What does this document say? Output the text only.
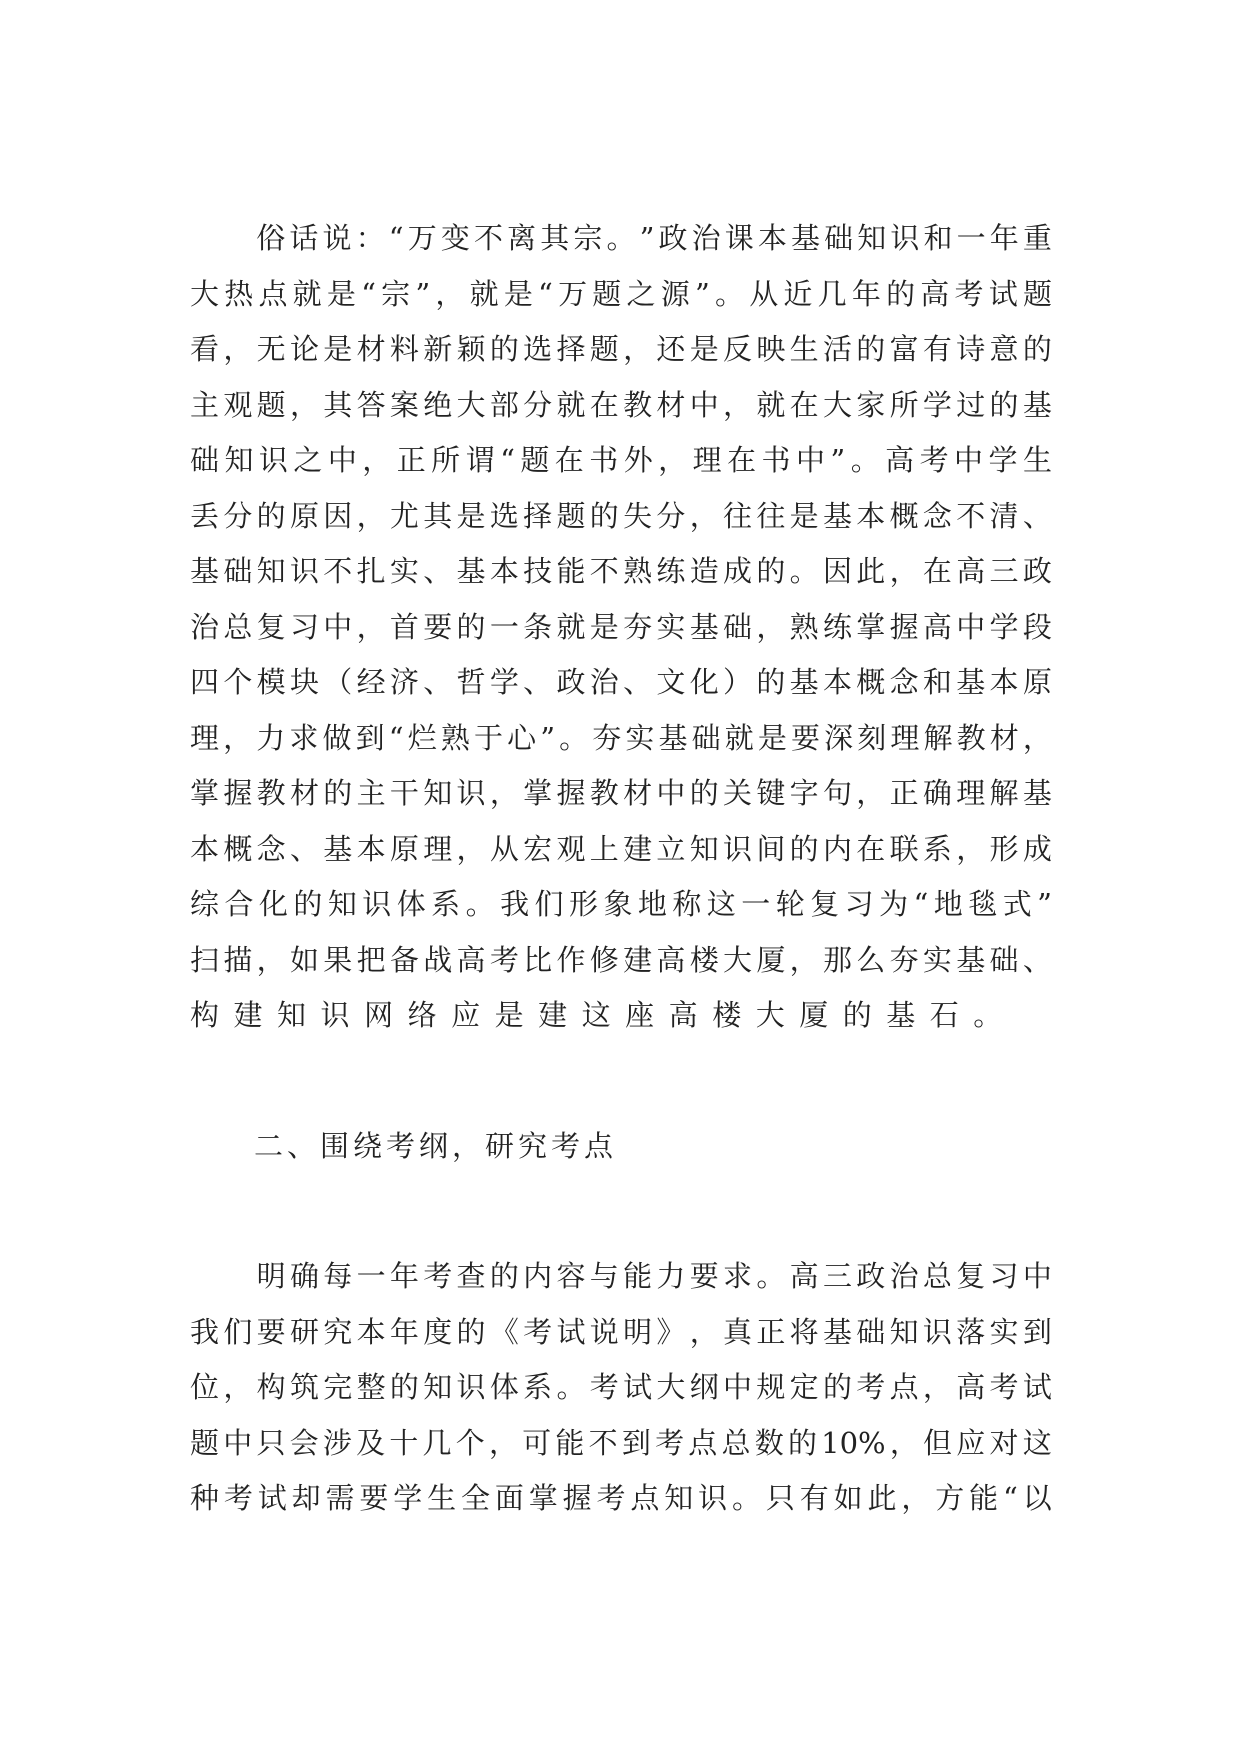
俗 话 说 ： “ 万 变 不 离 其 宗 。 ” 政 治 课 本 基 础 知 识 和 一 年 重
大 热 点 就 是 “ 宗 ” ， 就 是 “ 万 题 之 源 ” 。 从 近 几 年 的 高 考 试 题
看 ， 无 论 是 材 料 新 颖 的 选 择 题 ， 还 是 反 映 生 活 的 富 有 诗 意 的
主 观 题 ， 其 答 案 绝 大 部 分 就 在 教 材 中 ， 就 在 大 家 所 学 过 的 基
础 知 识 之 中 ， 正 所 谓 “ 题 在 书 外 ， 理 在 书 中 ” 。 高 考 中 学 生
丢 分 的 原 因 ， 尤 其 是 选 择 题 的 失 分 ， 往 往 是 基 本 概 念 不 清 、
基 础 知 识 不 扎 实 、 基 本 技 能 不 熟 练 造 成 的 。 因 此 ， 在 高 三 政
治 总 复 习 中 ， 首 要 的 一 条 就 是 夯 实 基 础 ， 熟 练 掌 握 高 中 学 段
四 个 模 块 （ 经 济 、 哲 学 、 政 治 、 文 化 ） 的 基 本 概 念 和 基 本 原
理 ， 力 求 做 到 “ 烂 熟 于 心 ” 。 夯 实 基 础 就 是 要 深 刻 理 解 教 材 ，
掌 握 教 材 的 主 干 知 识 ， 掌 握 教 材 中 的 关 键 字 句 ， 正 确 理 解 基
本 概 念 、 基 本 原 理 ， 从 宏 观 上 建 立 知 识 间 的 内 在 联 系 ， 形 成
综 合 化 的 知 识 体 系 。 我 们 形 象 地 称 这 一 轮 复 习 为 “ 地 毯 式 ”
扫 描 ， 如 果 把 备 战 高 考 比 作 修 建 高 楼 大 厦 ， 那 么 夯 实 基 础 、
构 建 知 识 网 络 应 是 建 这 座 高 楼 大 厦 的 基 石 。
二、围绕考纲，研究考点

明 确 每 一 年 考 查 的 内 容 与 能 力 要 求 。 高 三 政 治 总 复 习 中
我 们 要 研 究 本 年 度 的 《 考 试 说 明 》 ， 真 正 将 基 础 知 识 落 实 到
位 ， 构 筑 完 整 的 知 识 体 系 。 考 试 大 纲 中 规 定 的 考 点 ， 高 考 试
题 中 只 会 涉 及 十 几 个 ， 可 能 不 到 考 点 总 数 的 10% ， 但 应 对 这
种 考 试 却 需 要 学 生 全 面 掌 握 考 点 知 识 。 只 有 如 此 ， 方 能 “ 以
